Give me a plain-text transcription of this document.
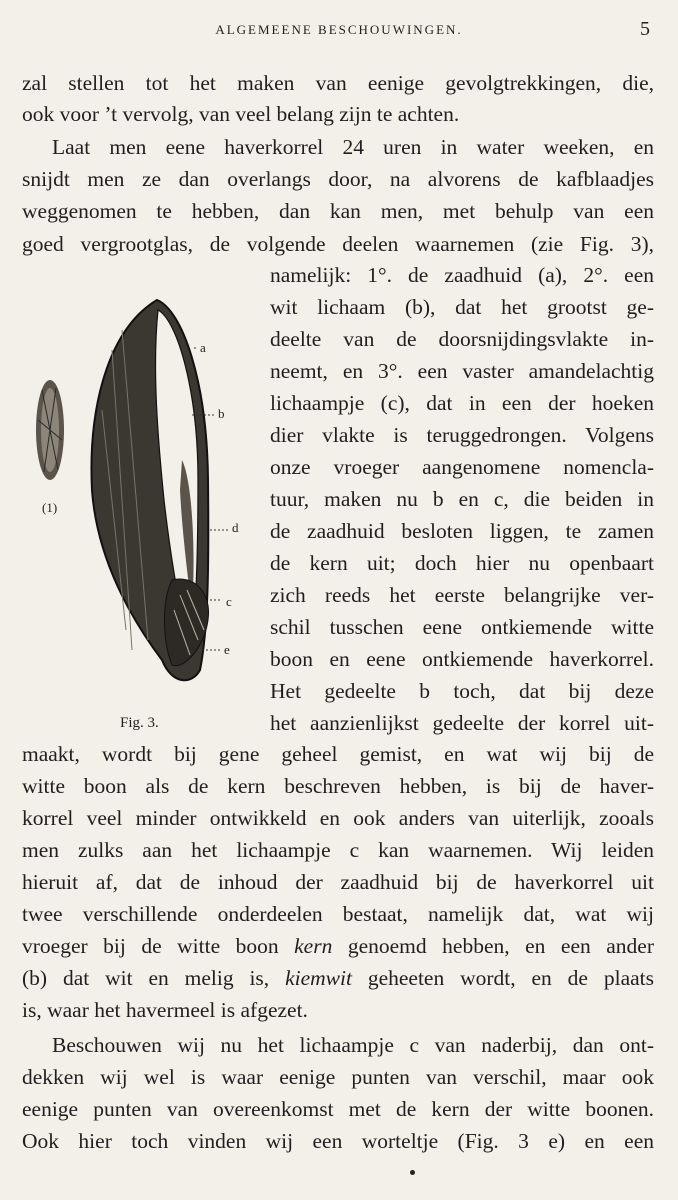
ALGEMEENE BESCHOUWINGEN.	5
zal stellen tot het maken van eenige gevolgtrekkingen, die,
ook voor ’t vervolg, van veel belang zijn te achten.
Laat men eene haverkorrel 24 uren in water weeken, en
snijdt men ze dan overlangs door, na alvorens de kafblaadjes
weggenomen te hebben, dan kan men, met behulp van een
goed vergrootglas, de volgende deelen waarnemen (zie Fig. 3),
namelijk: 1°. de zaadhuid (a), 2°. een
wit lichaam (b), dat het grootst ge-
deelte van de doorsnijdingsvlakte in-
neemt, en 3°. een vaster amandelachtig
lichaampje (c), dat in een der hoeken
dier vlakte is teruggedrongen. Volgens
onze vroeger aangenomene nomencla-
tuur, maken nu b en c, die beiden in
de zaadhuid besloten liggen, te zamen
de kern uit; doch hier nu openbaart
zich reeds het eerste belangrijke ver-
schil tusschen eene ontkiemende witte
boon en eene ontkiemende haverkorrel.
Het gedeelte b toch, dat bij deze
het aanzienlijkst gedeelte der korrel uit-
a
b
d
c
e
(1)
Fig. 3.
maakt, wordt bij gene geheel gemist, en wat wij bij de
witte boon als de kern beschreven hebben, is bij de haver-
korrel veel minder ontwikkeld en ook anders van uiterlijk, zooals
men zulks aan het lichaampje c kan waarnemen. Wij leiden
hieruit af, dat de inhoud der zaadhuid bij de haverkorrel uit
twee verschillende onderdeelen bestaat, namelijk dat, wat wij
vroeger bij de witte boon kern genoemd hebben, en een ander
(b) dat wit en melig is, kiemwit geheeten wordt, en de plaats
is, waar het havermeel is afgezet.
Beschouwen wij nu het lichaampje c van naderbij, dan ont-
dekken wij wel is waar eenige punten van verschil, maar ook
eenige punten van overeenkomst met de kern der witte boonen.
Ook hier toch vinden wij een worteltje (Fig. 3 e) en een
